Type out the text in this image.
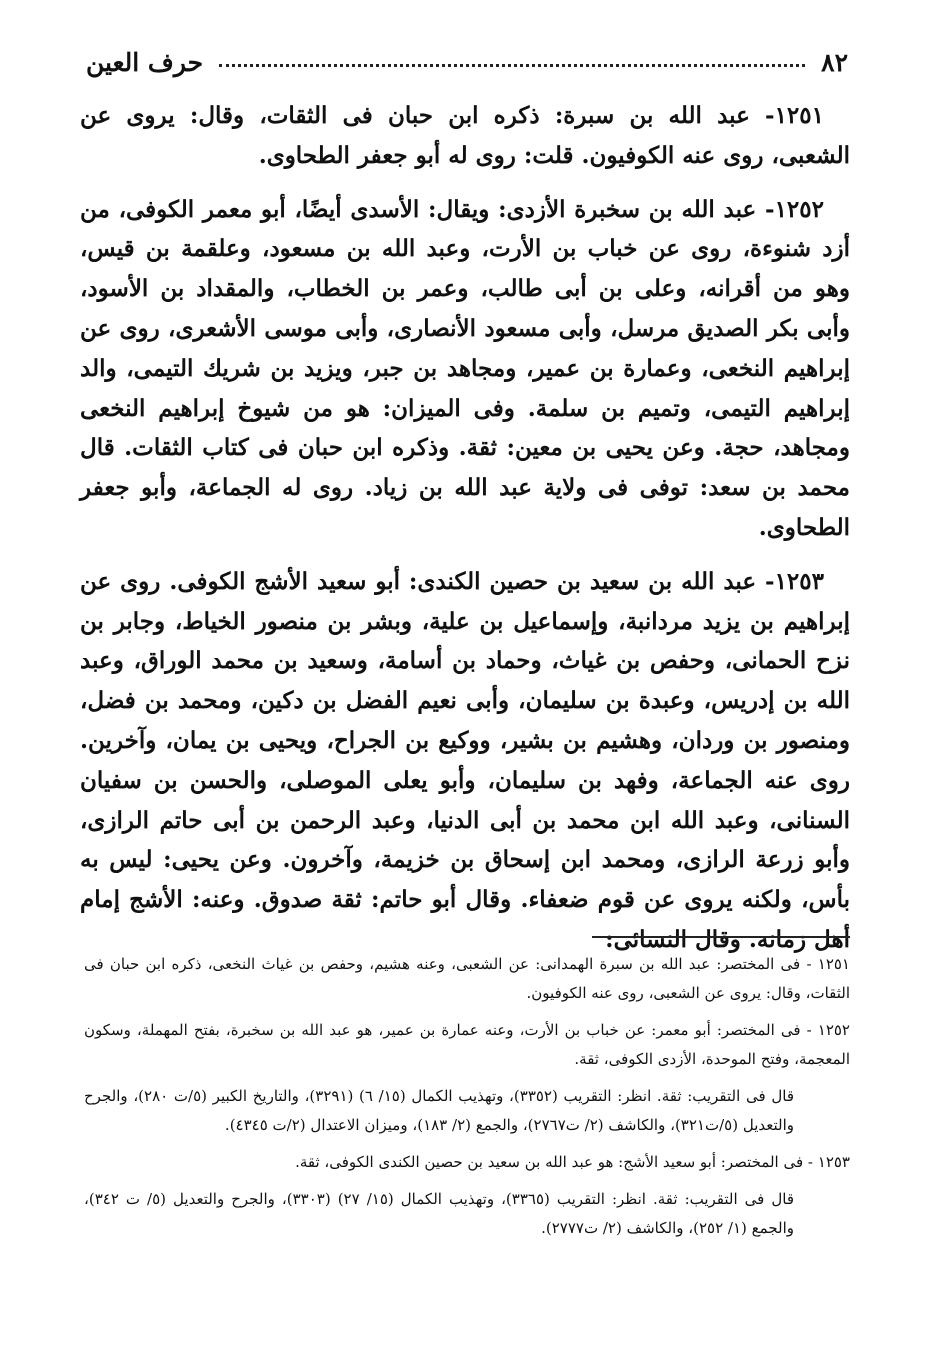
٨٢
حرف العين

١٢٥١- عبد الله بن سبرة: ذكره ابن حبان فى الثقات، وقال: يروى عن الشعبى، روى عنه الكوفيون. قلت: روى له أبو جعفر الطحاوى.

١٢٥٢- عبد الله بن سخبرة الأزدى: ويقال: الأسدى أيضًا، أبو معمر الكوفى، من أزد شنوءة، روى عن خباب بن الأرت، وعبد الله بن مسعود، وعلقمة بن قيس، وهو من أقرانه، وعلى بن أبى طالب، وعمر بن الخطاب، والمقداد بن الأسود، وأبى بكر الصديق مرسل، وأبى مسعود الأنصارى، وأبى موسى الأشعرى، روى عن إبراهيم النخعى، وعمارة بن عمير، ومجاهد بن جبر، ويزيد بن شريك التيمى، والد إبراهيم التيمى، وتميم بن سلمة. وفى الميزان: هو من شيوخ إبراهيم النخعى ومجاهد، حجة. وعن يحيى بن معين: ثقة. وذكره ابن حبان فى كتاب الثقات. قال محمد بن سعد: توفى فى ولاية عبد الله بن زياد. روى له الجماعة، وأبو جعفر الطحاوى.

١٢٥٣- عبد الله بن سعيد بن حصين الكندى: أبو سعيد الأشج الكوفى. روى عن إبراهيم بن يزيد مردانبة، وإسماعيل بن علية، وبشر بن منصور الخياط، وجابر بن نزح الحمانى، وحفص بن غياث، وحماد بن أسامة، وسعيد بن محمد الوراق، وعبد الله بن إدريس، وعبدة بن سليمان، وأبى نعيم الفضل بن دكين، ومحمد بن فضل، ومنصور بن وردان، وهشيم بن بشير، ووكيع بن الجراح، ويحيى بن يمان، وآخرين. روى عنه الجماعة، وفهد بن سليمان، وأبو يعلى الموصلى، والحسن بن سفيان السنانى، وعبد الله ابن محمد بن أبى الدنيا، وعبد الرحمن بن أبى حاتم الرازى، وأبو زرعة الرازى، ومحمد ابن إسحاق بن خزيمة، وآخرون. وعن يحيى: ليس به بأس، ولكنه يروى عن قوم ضعفاء. وقال أبو حاتم: ثقة صدوق. وعنه: الأشج إمام أهل زمانه. وقال النسائى:

١٢٥١ - فى المختصر: عبد الله بن سبرة الهمدانى: عن الشعبى، وعنه هشيم، وحفص بن غياث النخعى، ذكره ابن حبان فى الثقات، وقال: يروى عن الشعبى، روى عنه الكوفيون.

١٢٥٢ - فى المختصر: أبو معمر: عن خباب بن الأرت، وعنه عمارة بن عمير، هو عبد الله بن سخبرة، بفتح المهملة، وسكون المعجمة، وفتح الموحدة، الأزدى الكوفى، ثقة.

قال فى التقريب: ثقة. انظر: التقريب (٣٣٥٢)، وتهذيب الكمال (١٥/ ٦) (٣٢٩١)، والتاريخ الكبير (٥/ت ٢٨٠)، والجرح والتعديل (٥/ت٣٢١)، والكاشف (٢/ ت٢٧٦٧)، والجمع (٢/ ١٨٣)، وميزان الاعتدال (٢/ت ٤٣٤٥).

١٢٥٣ - فى المختصر: أبو سعيد الأشج: هو عبد الله بن سعيد بن حصين الكندى الكوفى، ثقة.

قال فى التقريب: ثقة. انظر: التقريب (٣٣٦٥)، وتهذيب الكمال (١٥/ ٢٧) (٣٣٠٣)، والجرح والتعديل (٥/ ت ٣٤٢)، والجمع (١/ ٢٥٢)، والكاشف (٢/ ت٢٧٧٧).
